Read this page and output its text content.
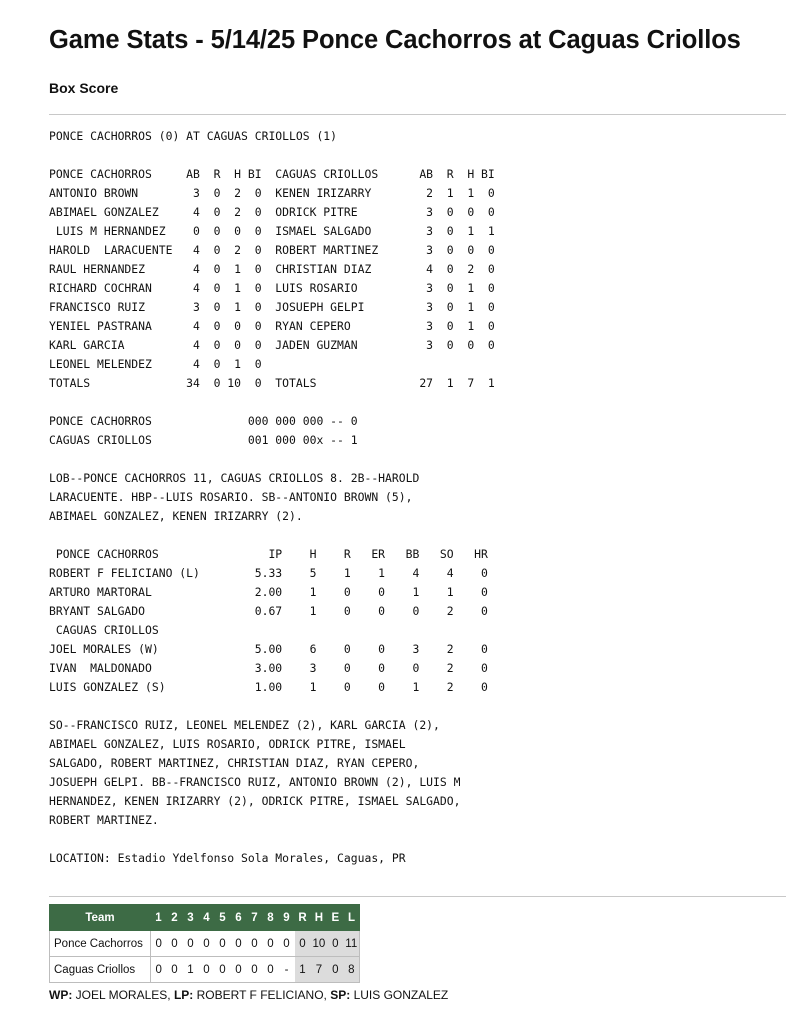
Game Stats - 5/14/25 Ponce Cachorros at Caguas Criollos
Box Score
PONCE CACHORROS (0) AT CAGUAS CRIOLLOS (1)

PONCE CACHORROS     AB  R  H BI  CAGUAS CRIOLLOS      AB  R  H BI
ANTONIO BROWN        3  0  2  0  KENEN IRIZARRY        2  1  1  0
ABIMAEL GONZALEZ     4  0  2  0  ODRICK PITRE          3  0  0  0
LUIS M HERNANDEZ    0  0  0  0  ISMAEL SALGADO        3  0  1  1
HAROLD  LARACUENTE   4  0  2  0  ROBERT MARTINEZ       3  0  0  0
RAUL HERNANDEZ       4  0  1  0  CHRISTIAN DIAZ        4  0  2  0
RICHARD COCHRAN      4  0  1  0  LUIS ROSARIO          3  0  1  0
FRANCISCO RUIZ       3  0  1  0  JOSUEPH GELPI         3  0  1  0
YENIEL PASTRANA      4  0  0  0  RYAN CEPERO           3  0  1  0
KARL GARCIA          4  0  0  0  JADEN GUZMAN          3  0  0  0
LEONEL MELENDEZ      4  0  1  0
TOTALS              34  0 10  0  TOTALS               27  1  7  1

PONCE CACHORROS              000 000 000 -- 0
CAGUAS CRIOLLOS              001 000 00x -- 1

LOB--PONCE CACHORROS 11, CAGUAS CRIOLLOS 8. 2B--HAROLD
LARACUENTE. HBP--LUIS ROSARIO. SB--ANTONIO BROWN (5),
ABIMAEL GONZALEZ, KENEN IRIZARRY (2).

PONCE CACHORROS                IP    H    R   ER   BB   SO   HR
ROBERT F FELICIANO (L)        5.33    5    1    1    4    4    0
ARTURO MARTORAL               2.00    1    0    0    1    1    0
BRYANT SALGADO                0.67    1    0    0    0    2    0
CAGUAS CRIOLLOS
JOEL MORALES (W)              5.00    6    0    0    3    2    0
IVAN  MALDONADO               3.00    3    0    0    0    2    0
LUIS GONZALEZ (S)             1.00    1    0    0    1    2    0

SO--FRANCISCO RUIZ, LEONEL MELENDEZ (2), KARL GARCIA (2),
ABIMAEL GONZALEZ, LUIS ROSARIO, ODRICK PITRE, ISMAEL
SALGADO, ROBERT MARTINEZ, CHRISTIAN DIAZ, RYAN CEPERO,
JOSUEPH GELPI. BB--FRANCISCO RUIZ, ANTONIO BROWN (2), LUIS M
HERNANDEZ, KENEN IRIZARRY (2), ODRICK PITRE, ISMAEL SALGADO,
ROBERT MARTINEZ.

LOCATION: Estadio Ydelfonso Sola Morales, Caguas, PR
Team	1	2	3	4	5	6	7	8	9	R	H	E	L
Ponce Cachorros	0	0	0	0	0	0	0	0	0	0	10	0	11
Caguas Criollos	0	0	1	0	0	0	0	0	-	1	7	0	8
WP: JOEL MORALES, LP: ROBERT F FELICIANO, SP: LUIS GONZALEZ
